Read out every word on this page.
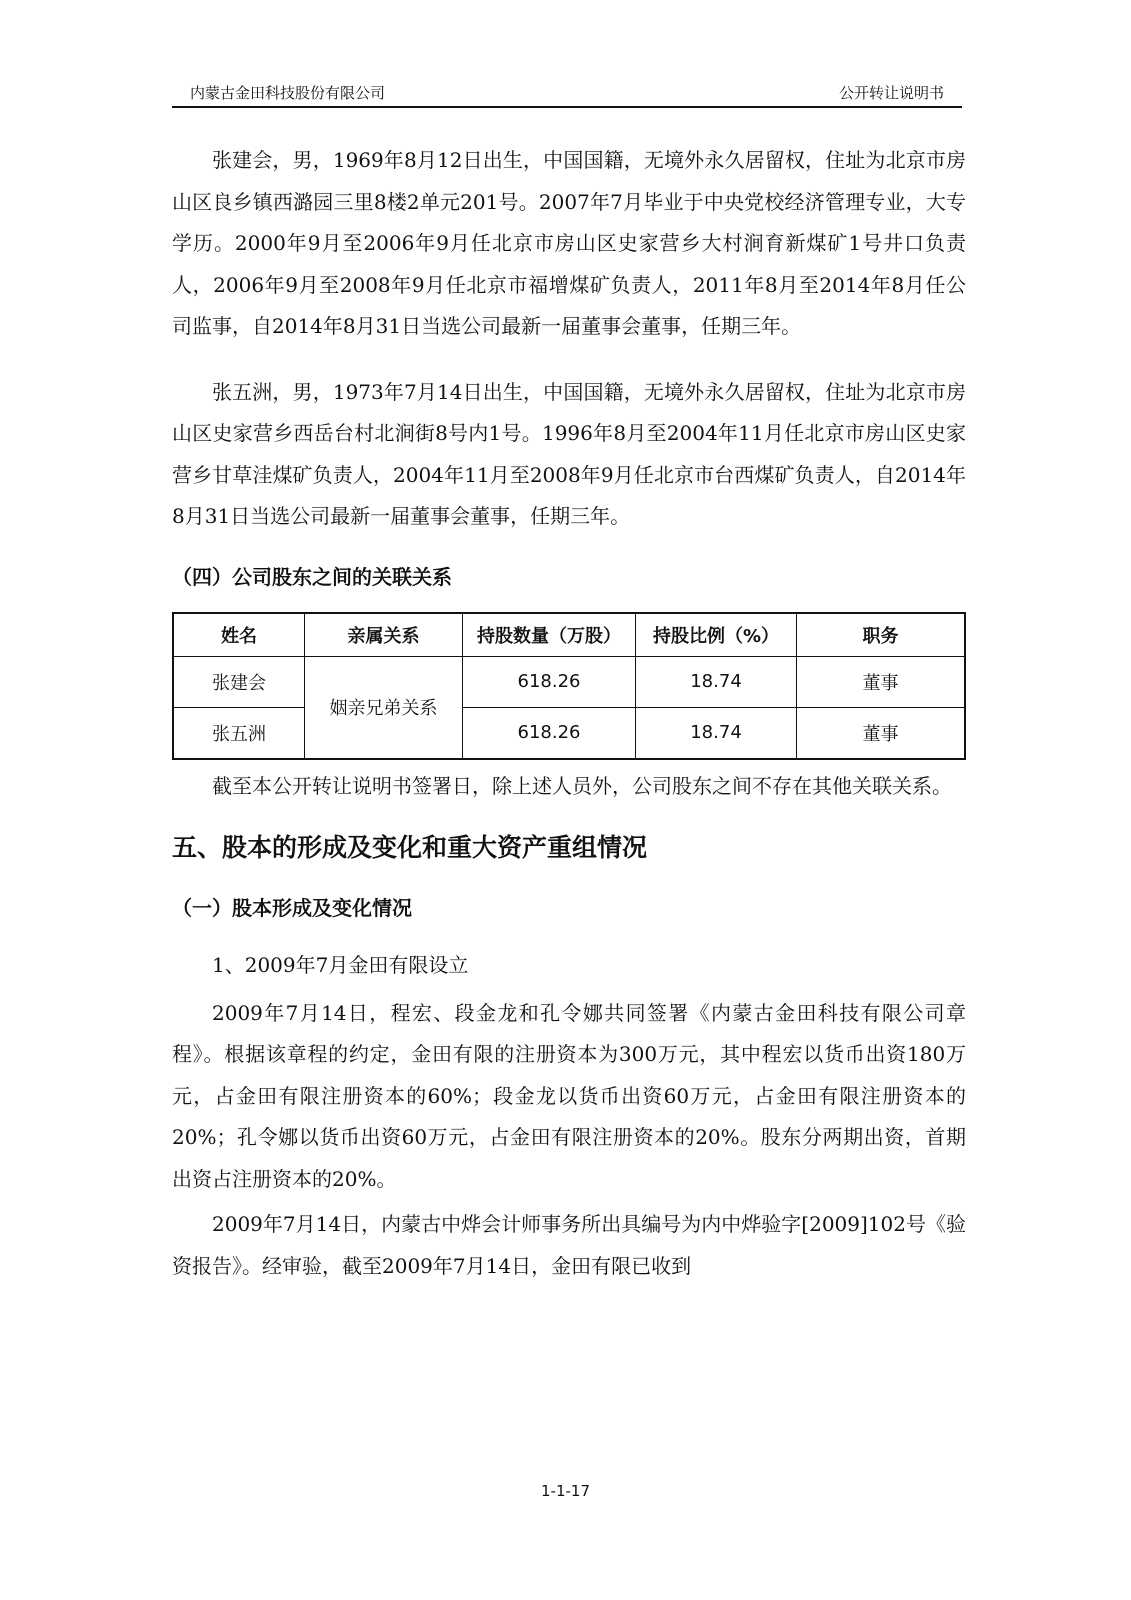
内蒙古金田科技股份有限公司	公开转让说明书

张建会，男，1969年8月12日出生，中国国籍，无境外永久居留权，住址为北京市房山区良乡镇西潞园三里8楼2单元201号。2007年7月毕业于中央党校经济管理专业，大专学历。2000年9月至2006年9月任北京市房山区史家营乡大村涧育新煤矿1号井口负责人，2006年9月至2008年9月任北京市福增煤矿负责人，2011年8月至2014年8月任公司监事，自2014年8月31日当选公司最新一届董事会董事，任期三年。

张五洲，男，1973年7月14日出生，中国国籍，无境外永久居留权，住址为北京市房山区史家营乡西岳台村北涧街8号内1号。1996年8月至2004年11月任北京市房山区史家营乡甘草洼煤矿负责人，2004年11月至2008年9月任北京市台西煤矿负责人，自2014年8月31日当选公司最新一届董事会董事，任期三年。

（四）公司股东之间的关联关系

姓名	亲属关系	持股数量（万股）	持股比例（%）	职务
张建会	姻亲兄弟关系	618.26	18.74	董事
张五洲		618.26	18.74	董事

截至本公开转让说明书签署日，除上述人员外，公司股东之间不存在其他关联关系。

五、股本的形成及变化和重大资产重组情况

（一）股本形成及变化情况

1、2009年7月金田有限设立

2009年7月14日，程宏、段金龙和孔令娜共同签署《内蒙古金田科技有限公司章程》。根据该章程的约定，金田有限的注册资本为300万元，其中程宏以货币出资180万元，占金田有限注册资本的60%；段金龙以货币出资60万元，占金田有限注册资本的20%；孔令娜以货币出资60万元，占金田有限注册资本的20%。股东分两期出资，首期出资占注册资本的20%。

2009年7月14日，内蒙古中烨会计师事务所出具编号为内中烨验字[2009]102号《验资报告》。经审验，截至2009年7月14日，金田有限已收到

1-1-17
